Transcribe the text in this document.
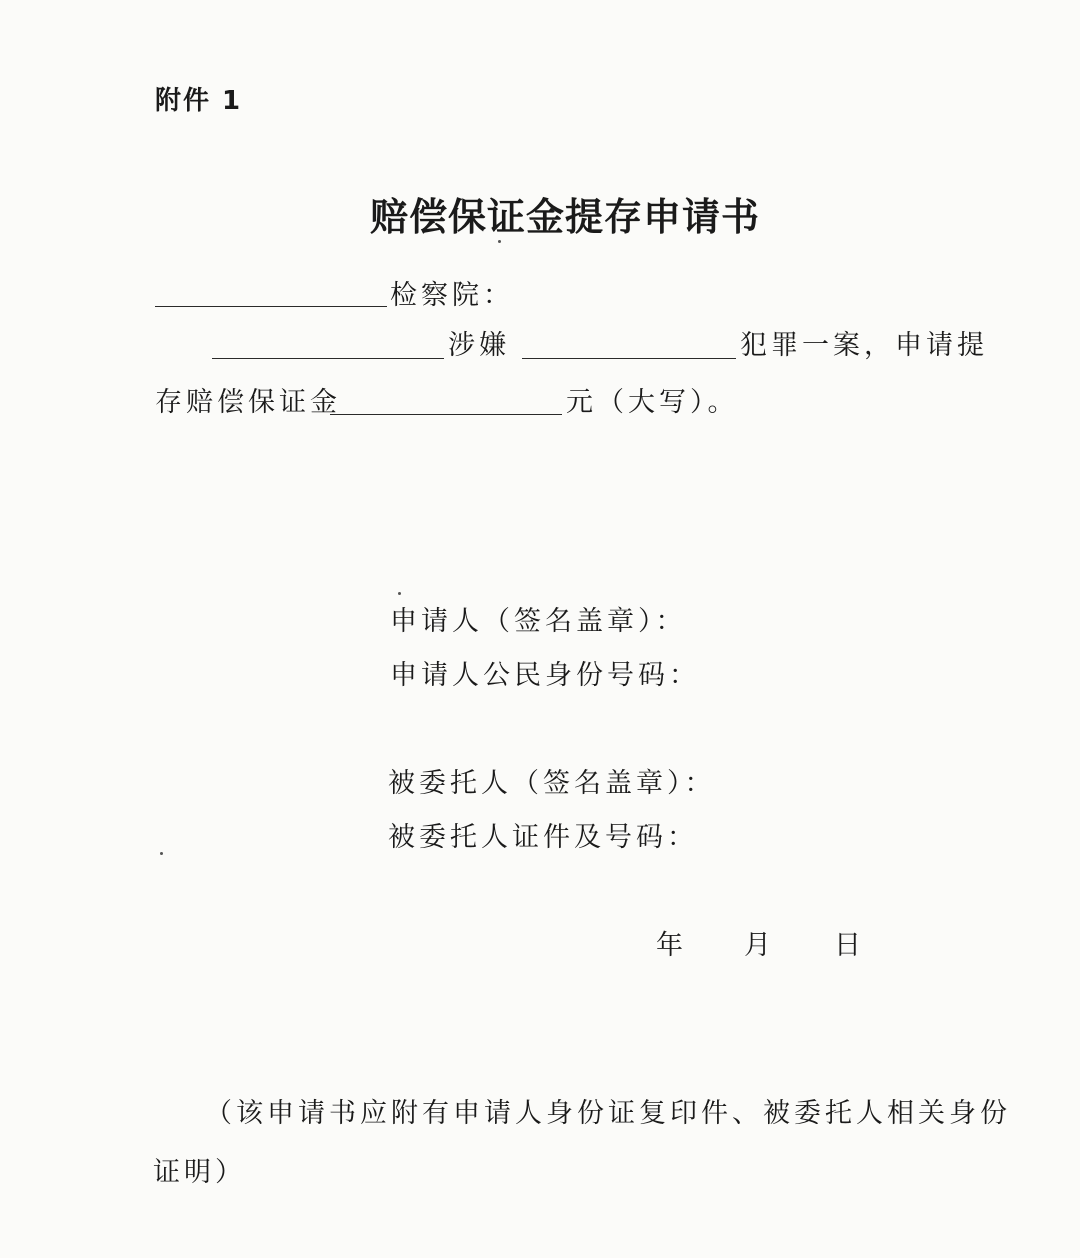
附件 1
赔偿保证金提存申请书
检察院：
涉嫌	犯罪一案，申请提
存赔偿保证金	元（大写）。
申请人（签名盖章）：
申请人公民身份号码：
被委托人（签名盖章）：
被委托人证件及号码：
年 月 日
（该申请书应附有申请人身份证复印件、被委托人相关身份
证明）
